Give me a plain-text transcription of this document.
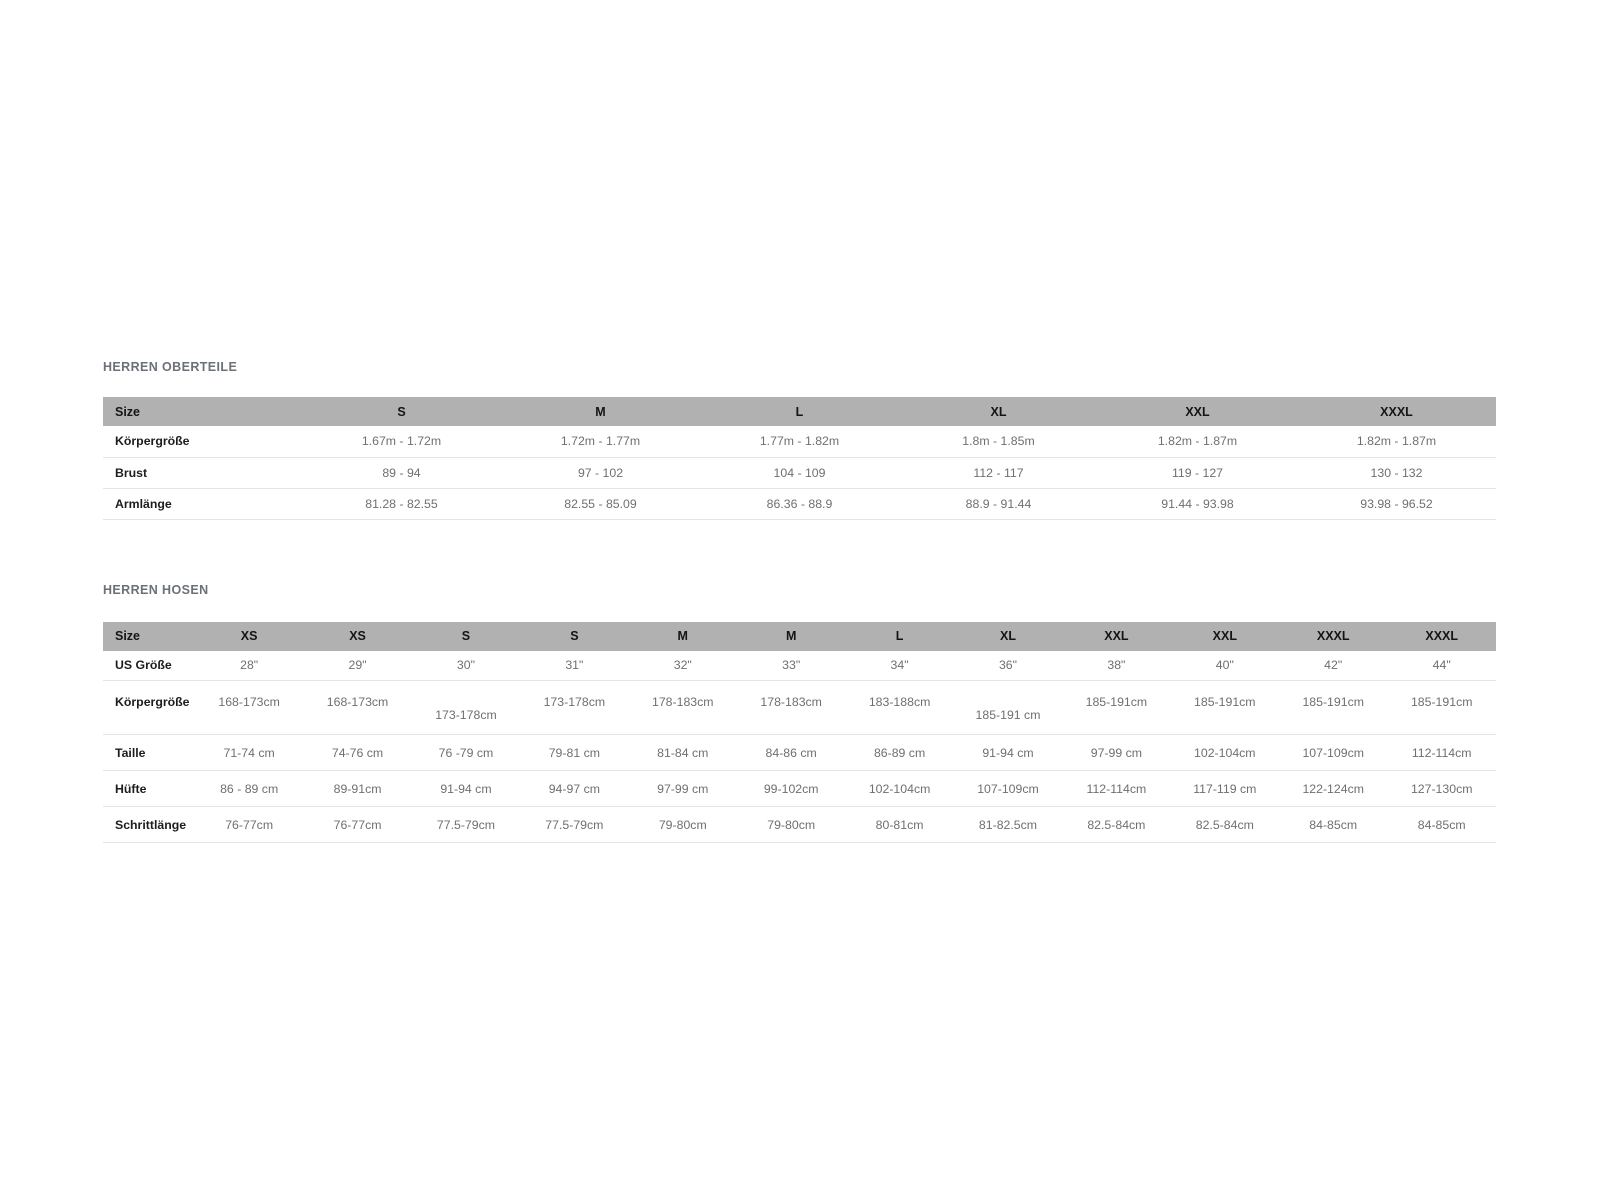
HERREN OBERTEILE
Size	S	M	L	XL	XXL	XXXL
Körpergröße	1.67m - 1.72m	1.72m - 1.77m	1.77m - 1.82m	1.8m - 1.85m	1.82m - 1.87m	1.82m - 1.87m
Brust	89 - 94	97 - 102	104 - 109	112 - 117	119 - 127	130 - 132
Armlänge	81.28 - 82.55	82.55 - 85.09	86.36 - 88.9	88.9 - 91.44	91.44 - 93.98	93.98 - 96.52
HERREN HOSEN
Size	XS	XS	S	S	M	M	L	XL	XXL	XXL	XXXL	XXXL
US Größe	28"	29"	30"	31"	32"	33"	34"	36"	38"	40"	42"	44"
Körpergröße	168-173cm	168-173cm	173-178cm	173-178cm	178-183cm	178-183cm	183-188cm	185-191 cm	185-191cm	185-191cm	185-191cm	185-191cm
Taille	71-74 cm	74-76 cm	76 -79 cm	79-81 cm	81-84 cm	84-86 cm	86-89 cm	91-94 cm	97-99 cm	102-104cm	107-109cm	112-114cm
Hüfte	86 - 89 cm	89-91cm	91-94 cm	94-97 cm	97-99 cm	99-102cm	102-104cm	107-109cm	112-114cm	117-119 cm	122-124cm	127-130cm
Schrittlänge	76-77cm	76-77cm	77.5-79cm	77.5-79cm	79-80cm	79-80cm	80-81cm	81-82.5cm	82.5-84cm	82.5-84cm	84-85cm	84-85cm
